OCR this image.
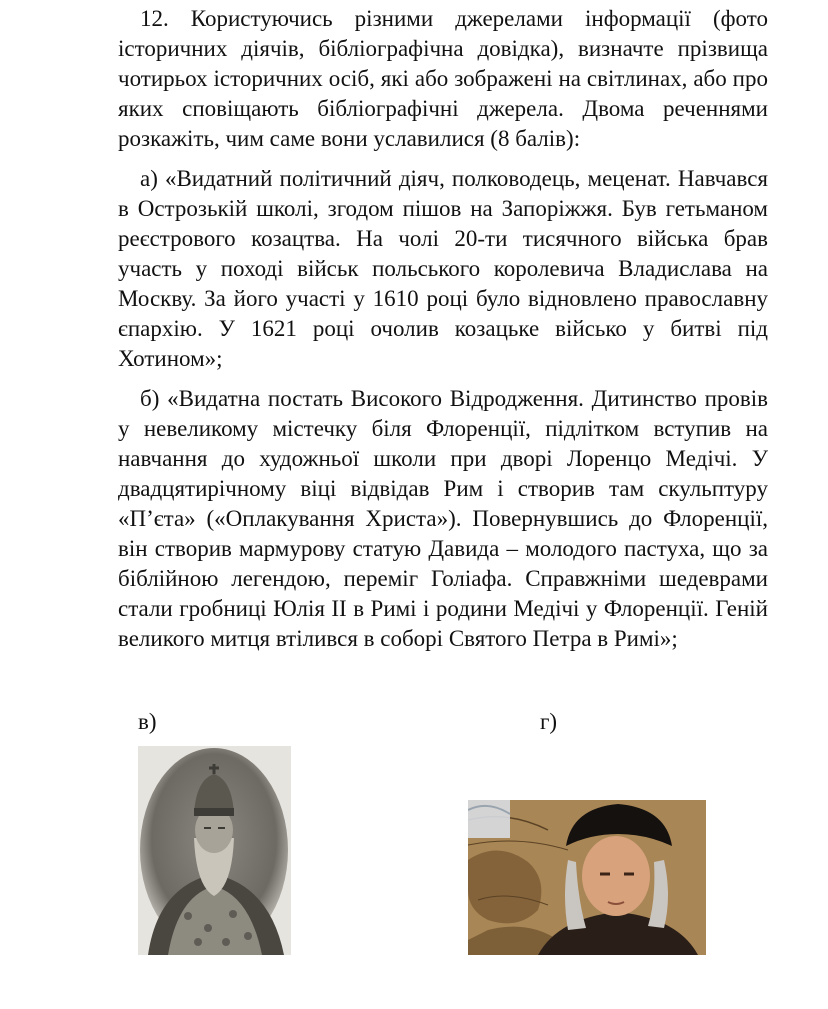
12. Користуючись різними джерелами інформації (фото історичних діячів, бібліографічна довідка), визначте прізвища чотирьох історичних осіб, які або зображені на світлинах, або про яких сповіщають бібліографічні джерела. Двома реченнями розкажіть, чим саме вони уславилися (8 балів):

а) «Видатний політичний діяч, полководець, меценат. Навчався в Острозькій школі, згодом пішов на Запоріжжя. Був гетьманом реєстрового козацтва. На чолі 20-ти тисячного війська брав участь у поході військ польського королевича Владислава на Москву. За його участі у 1610 році було відновлено православну єпархію. У 1621 році очолив козацьке військо у битві під Хотином»;

б) «Видатна постать Високого Відродження. Дитинство провів у невеликому містечку біля Флоренції, підлітком вступив на навчання до художньої школи при дворі Лоренцо Медічі. У двадцятирічному віці відвідав Рим і створив там скульптуру «П’єта» («Оплакування Христа»). Повернувшись до Флоренції, він створив мармурову статую Давида – молодого пастуха, що за біблійною легендою, переміг Голіафа. Справжніми шедеврами стали гробниці Юлія ІІ в Римі і родини Медічі у Флоренції. Геній великого митця втілився в соборі Святого Петра в Римі»;

в)	г)
